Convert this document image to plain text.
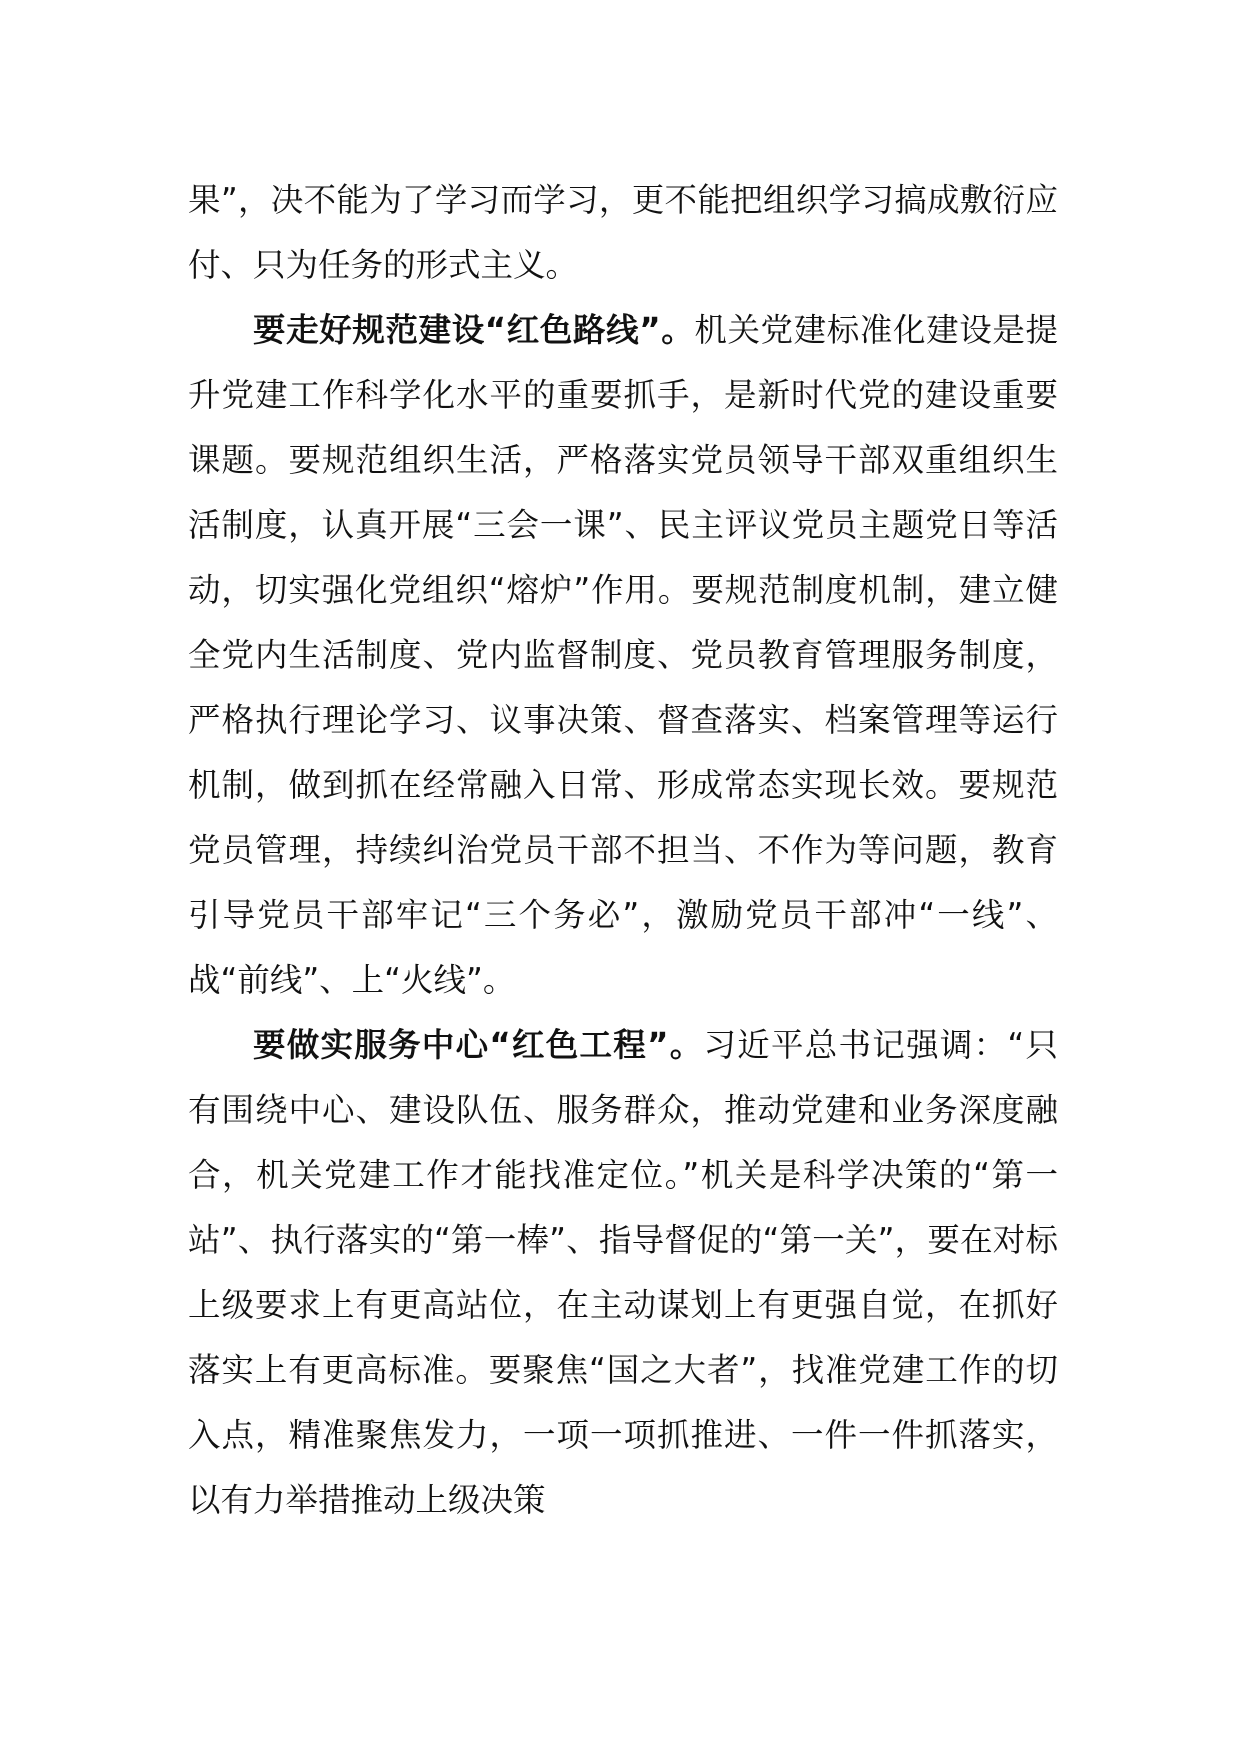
果”，决不能为了学习而学习，更不能把组织学习搞成敷衍应付、只为任务的形式主义。

要走好规范建设“红色路线”。机关党建标准化建设是提升党建工作科学化水平的重要抓手，是新时代党的建设重要课题。要规范组织生活，严格落实党员领导干部双重组织生活制度，认真开展“三会一课”、民主评议党员主题党日等活动，切实强化党组织“熔炉”作用。要规范制度机制，建立健全党内生活制度、党内监督制度、党员教育管理服务制度，严格执行理论学习、议事决策、督查落实、档案管理等运行机制，做到抓在经常融入日常、形成常态实现长效。要规范党员管理，持续纠治党员干部不担当、不作为等问题，教育引导党员干部牢记“三个务必”，激励党员干部冲“一线”、战“前线”、上“火线”。

要做实服务中心“红色工程”。习近平总书记强调：“只有围绕中心、建设队伍、服务群众，推动党建和业务深度融合，机关党建工作才能找准定位。”机关是科学决策的“第一站”、执行落实的“第一棒”、指导督促的“第一关”，要在对标上级要求上有更高站位，在主动谋划上有更强自觉，在抓好落实上有更高标准。要聚焦“国之大者”，找准党建工作的切入点，精准聚焦发力，一项一项抓推进、一件一件抓落实，以有力举措推动上级决策
